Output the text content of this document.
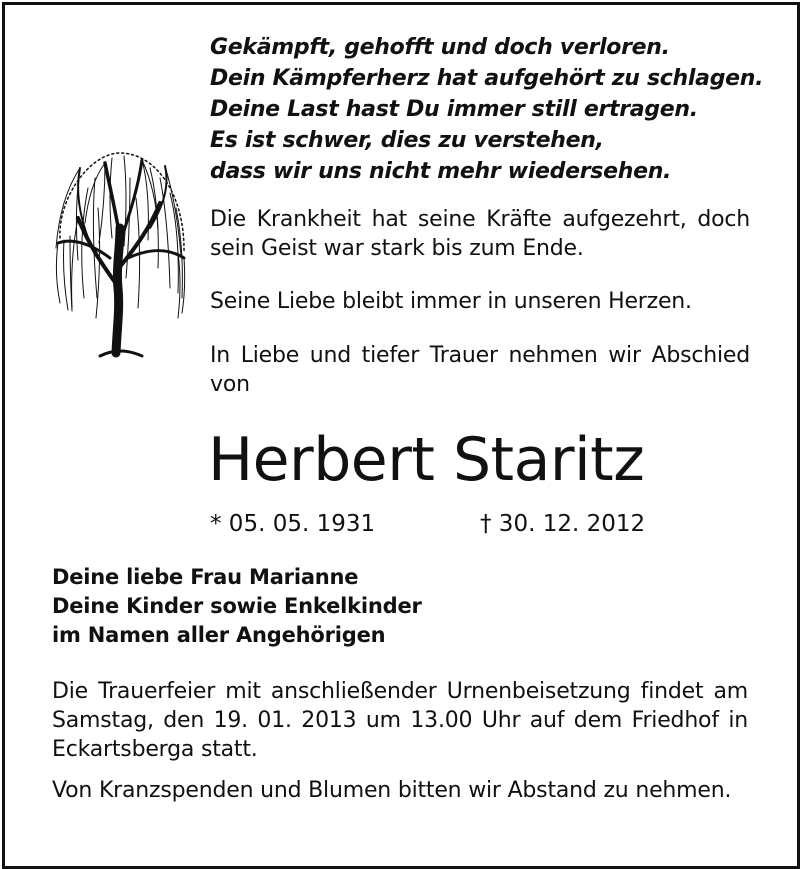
Gekämpft, gehofft und doch verloren.
Dein Kämpferherz hat aufgehört zu schlagen.
Deine Last hast Du immer still ertragen.
Es ist schwer, dies zu verstehen,
dass wir uns nicht mehr wiedersehen.

Die Krankheit hat seine Kräfte aufgezehrt, doch sein Geist war stark bis zum Ende.

Seine Liebe bleibt immer in unseren Herzen.

In Liebe und tiefer Trauer nehmen wir Abschied von

Herbert Staritz
* 05. 05. 1931	† 30. 12. 2012
Deine liebe Frau Marianne
Deine Kinder sowie Enkelkinder
im Namen aller Angehörigen

Die Trauerfeier mit anschließender Urnenbeisetzung findet am Samstag, den 19. 01. 2013 um 13.00 Uhr auf dem Friedhof in Eckartsberga statt.

Von Kranzspenden und Blumen bitten wir Abstand zu nehmen.
